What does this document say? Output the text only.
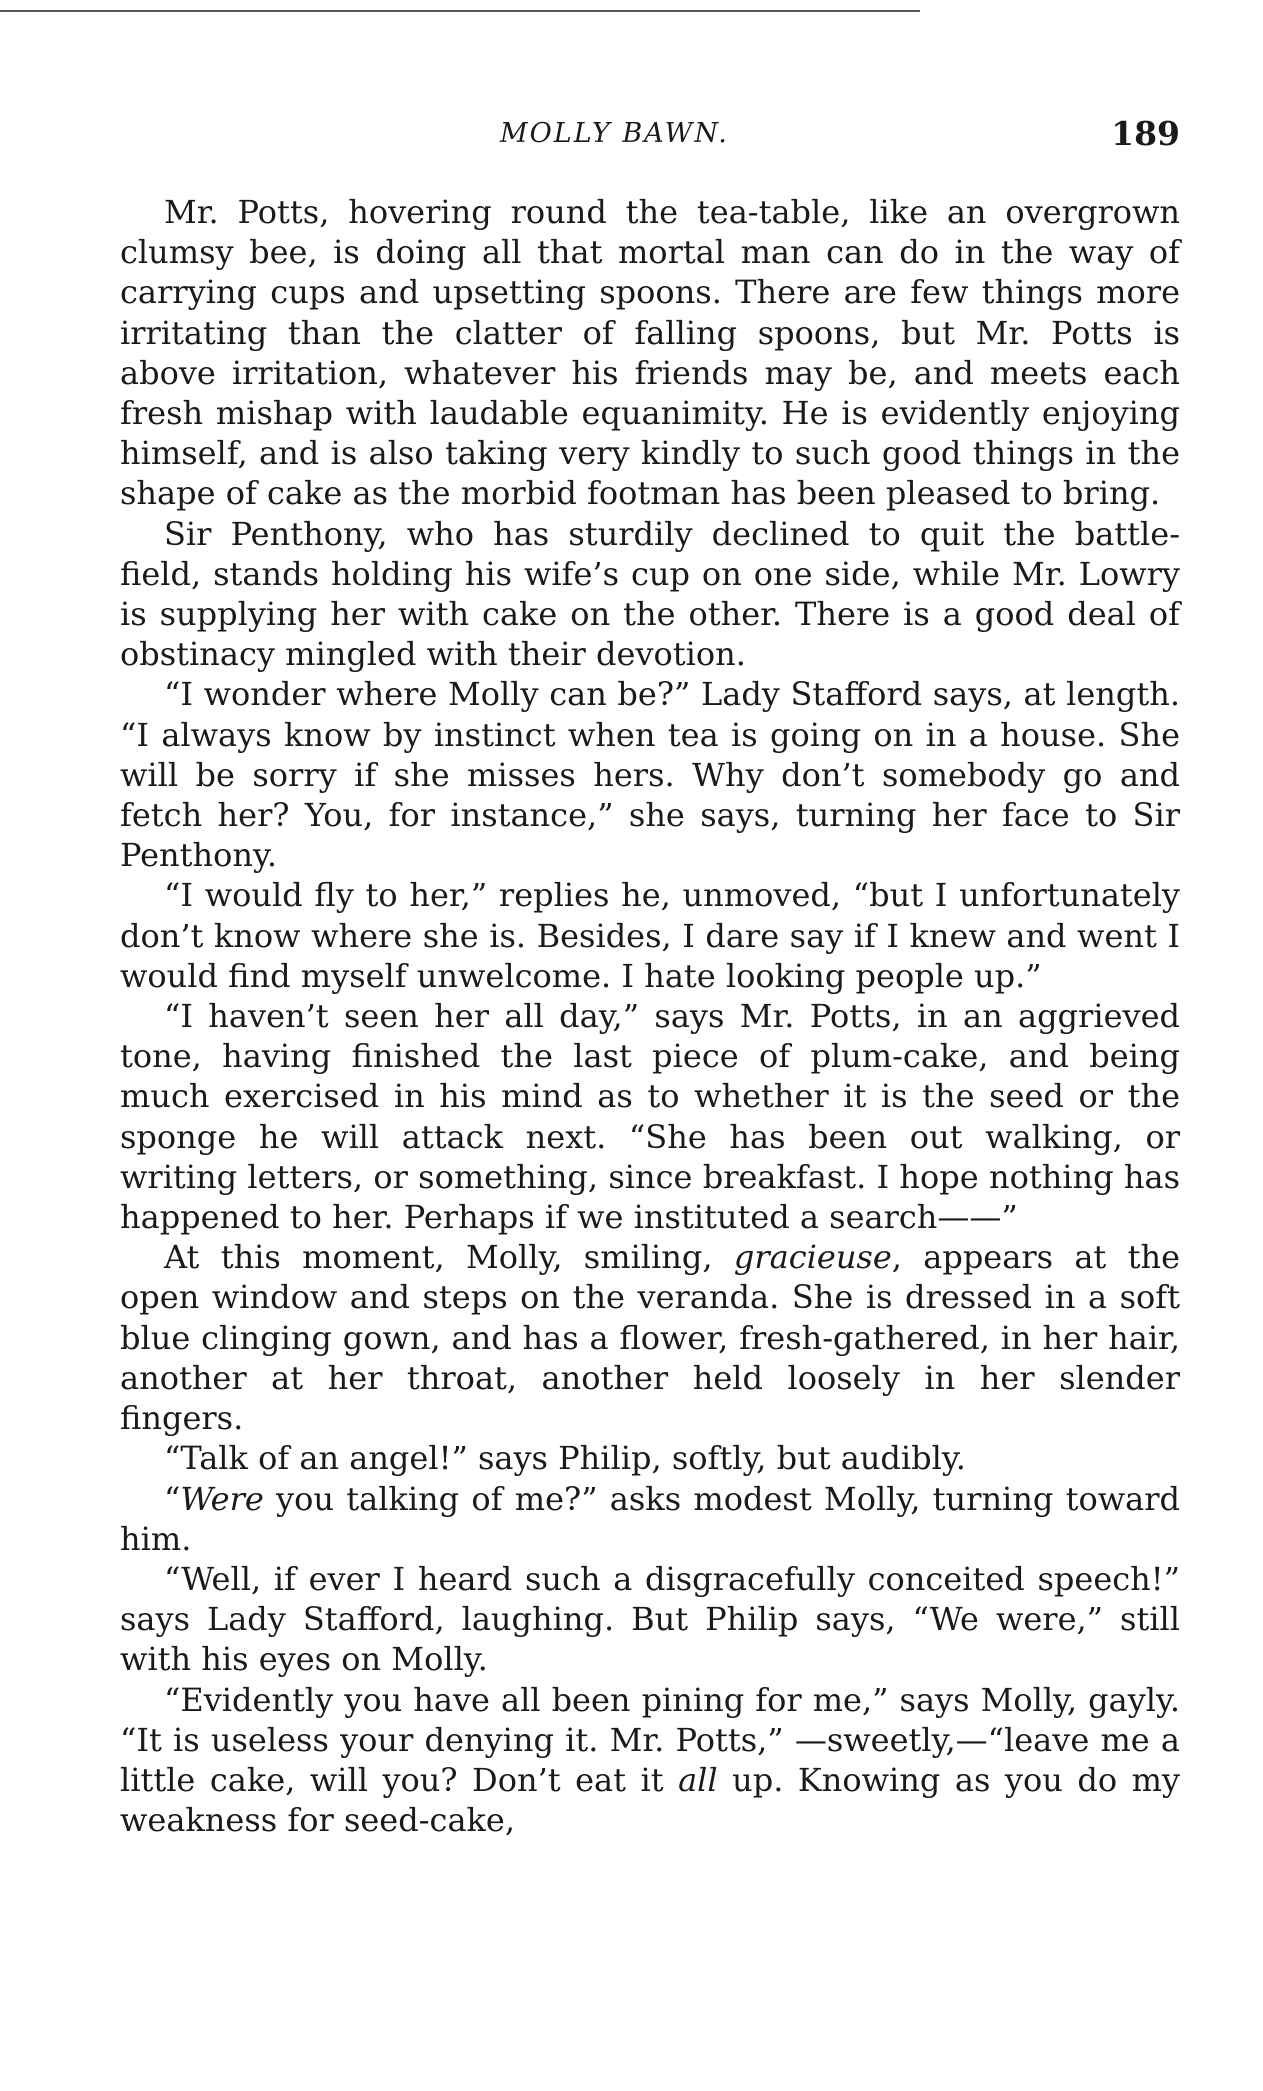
MOLLY BAWN.	189

Mr. Potts, hovering round the tea-table, like an overgrown clumsy bee, is doing all that mortal man can do in the way of carrying cups and upsetting spoons. There are few things more irritating than the clatter of falling spoons, but Mr. Potts is above irritation, whatever his friends may be, and meets each fresh mishap with laudable equanimity. He is evidently enjoying himself, and is also taking very kindly to such good things in the shape of cake as the morbid footman has been pleased to bring.

Sir Penthony, who has sturdily declined to quit the battle-field, stands holding his wife’s cup on one side, while Mr. Lowry is supplying her with cake on the other. There is a good deal of obstinacy mingled with their devotion.

“I wonder where Molly can be?” Lady Stafford says, at length. “I always know by instinct when tea is going on in a house. She will be sorry if she misses hers. Why don’t somebody go and fetch her? You, for instance,” she says, turning her face to Sir Penthony.

“I would fly to her,” replies he, unmoved, “but I unfortunately don’t know where she is. Besides, I dare say if I knew and went I would find myself unwelcome. I hate looking people up.”

“I haven’t seen her all day,” says Mr. Potts, in an aggrieved tone, having finished the last piece of plum-cake, and being much exercised in his mind as to whether it is the seed or the sponge he will attack next. “She has been out walking, or writing letters, or something, since breakfast. I hope nothing has happened to her. Perhaps if we instituted a search——”

At this moment, Molly, smiling, gracieuse, appears at the open window and steps on the veranda. She is dressed in a soft blue clinging gown, and has a flower, fresh-gathered, in her hair, another at her throat, another held loosely in her slender fingers.

“Talk of an angel!” says Philip, softly, but audibly.

“Were you talking of me?” asks modest Molly, turning toward him.

“Well, if ever I heard such a disgracefully conceited speech!” says Lady Stafford, laughing. But Philip says, “We were,” still with his eyes on Molly.

“Evidently you have all been pining for me,” says Molly, gayly. “It is useless your denying it. Mr. Potts,” —sweetly,—“leave me a little cake, will you? Don’t eat it all up. Knowing as you do my weakness for seed-cake,
